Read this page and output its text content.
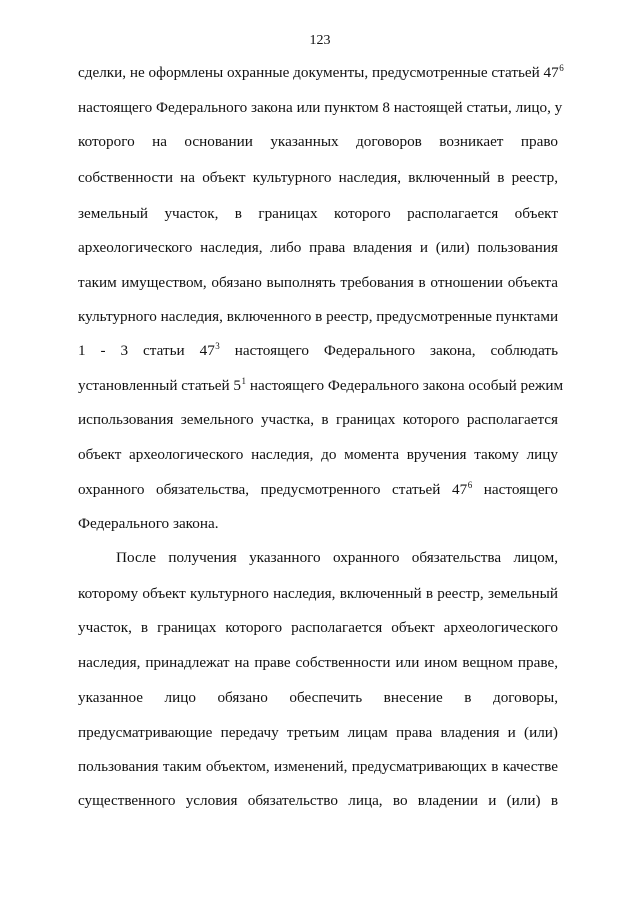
123
сделки, не оформлены охранные документы, предусмотренные статьей $47^6$
настоящего Федерального закона или пунктом 8 настоящей статьи, лицо, у
которого на основании указанных договоров возникает право
собственности на объект культурного наследия, включенный в реестр,
земельный участок, в границах которого располагается объект
археологического наследия, либо права владения и (или) пользования
таким имуществом, обязано выполнять требования в отношении объекта
культурного наследия, включенного в реестр, предусмотренные пунктами
1 - 3 статьи $47^3$ настоящего Федерального закона, соблюдать
установленный статьей $5^1$ настоящего Федерального закона особый режим
использования земельного участка, в границах которого располагается
объект археологического наследия, до момента вручения такому лицу
охранного обязательства, предусмотренного статьей $47^6$ настоящего
Федерального закона.
После получения указанного охранного обязательства лицом,
которому объект культурного наследия, включенный в реестр, земельный
участок, в границах которого располагается объект археологического
наследия, принадлежат на праве собственности или ином вещном праве,
указанное лицо обязано обеспечить внесение в договоры,
предусматривающие передачу третьим лицам права владения и (или)
пользования таким объектом, изменений, предусматривающих в качестве
существенного условия обязательство лица, во владении и (или) в
